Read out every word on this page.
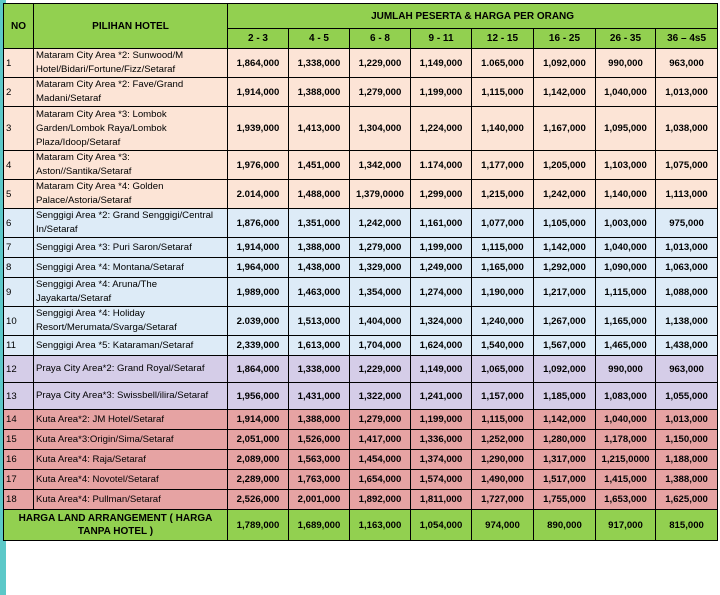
NO	PILIHAN HOTEL	JUMLAH PESERTA & HARGA PER ORANG							
		2 - 3	4 - 5	6 - 8	9 - 11	12 - 15	16 - 25	26 - 35	36 – 4s5
1	Mataram City Area *2: Sunwood/M Hotel/Bidari/Fortune/Fizz/Setaraf	1,864,000	1,338,000	1,229,000	1,149,000	1.065,000	1,092,000	990,000	963,000
2	Mataram City Area *2: Fave/Grand Madani/Setaraf	1,914,000	1,388,000	1,279,000	1,199,000	1,115,000	1,142,000	1,040,000	1,013,000
3	Mataram City Area *3: Lombok Garden/Lombok Raya/Lombok Plaza/Idoop/Setaraf	1,939,000	1,413,000	1,304,000	1,224,000	1,140,000	1,167,000	1,095,000	1,038,000
4	Mataram City Area *3: Aston//Santika/Setaraf	1,976,000	1,451,000	1,342,000	1.174,000	1,177,000	1,205,000	1,103,000	1,075,000
5	Mataram City Area *4: Golden Palace/Astoria/Setaraf	2.014,000	1,488,000	1,379,0000	1,299,000	1,215,000	1,242,000	1,140,000	1,113,000
6	Senggigi Area *2: Grand Senggigi/Central In/Setaraf	1,876,000	1,351,000	1,242,000	1,161,000	1,077,000	1,105,000	1,003,000	975,000
7	Senggigi Area *3: Puri Saron/Setaraf	1,914,000	1,388,000	1,279,000	1,199,000	1,115,000	1,142,000	1,040,000	1,013,000
8	Senggigi Area *4: Montana/Setaraf	1,964,000	1,438,000	1,329,000	1,249,000	1,165,000	1,292,000	1,090,000	1,063,000
9	Senggigi Area *4: Aruna/The Jayakarta/Setaraf	1,989,000	1,463,000	1,354,000	1,274,000	1,190,000	1,217,000	1,115,000	1,088,000
10	Senggigi Area *4: Holiday Resort/Merumata/Svarga/Setaraf	2.039,000	1,513,000	1,404,000	1,324,000	1,240,000	1,267,000	1,165,000	1,138,000
11	Senggigi Area *5: Kataraman/Setaraf	2,339,000	1,613,000	1,704,000	1,624,000	1,540,000	1,567,000	1,465,000	1,438,000
12	Praya City Area*2: Grand Royal/Setaraf	1,864,000	1,338,000	1,229,000	1,149,000	1,065,000	1,092,000	990,000	963,000
13	Praya City Area*3: Swissbell/ilira/Setaraf	1,956,000	1,431,000	1,322,000	1,241,000	1,157,000	1,185,000	1,083,000	1,055,000
14	Kuta Area*2: JM Hotel/Setaraf	1,914,000	1,388,000	1,279,000	1,199,000	1,115,000	1,142,000	1,040,000	1,013,000
15	Kuta Area*3:Origin/Sima/Setaraf	2,051,000	1,526,000	1,417,000	1,336,000	1,252,000	1,280,000	1,178,000	1,150,000
16	Kuta Area*4: Raja/Setaraf	2,089,000	1,563,000	1,454,000	1,374,000	1,290,000	1,317,000	1,215,0000	1,188,000
17	Kuta Area*4: Novotel/Setaraf	2,289,000	1,763,000	1,654,000	1,574,000	1,490,000	1,517,000	1,415,000	1,388,000
18	Kuta Area*4: Pullman/Setaraf	2,526,000	2,001,000	1,892,000	1,811,000	1,727,000	1,755,000	1,653,000	1,625,000
HARGA LAND ARRANGEMENT ( HARGA TANPA HOTEL )		1,789,000	1,689,000	1,163,000	1,054,000	974,000	890,000	917,000	815,000
